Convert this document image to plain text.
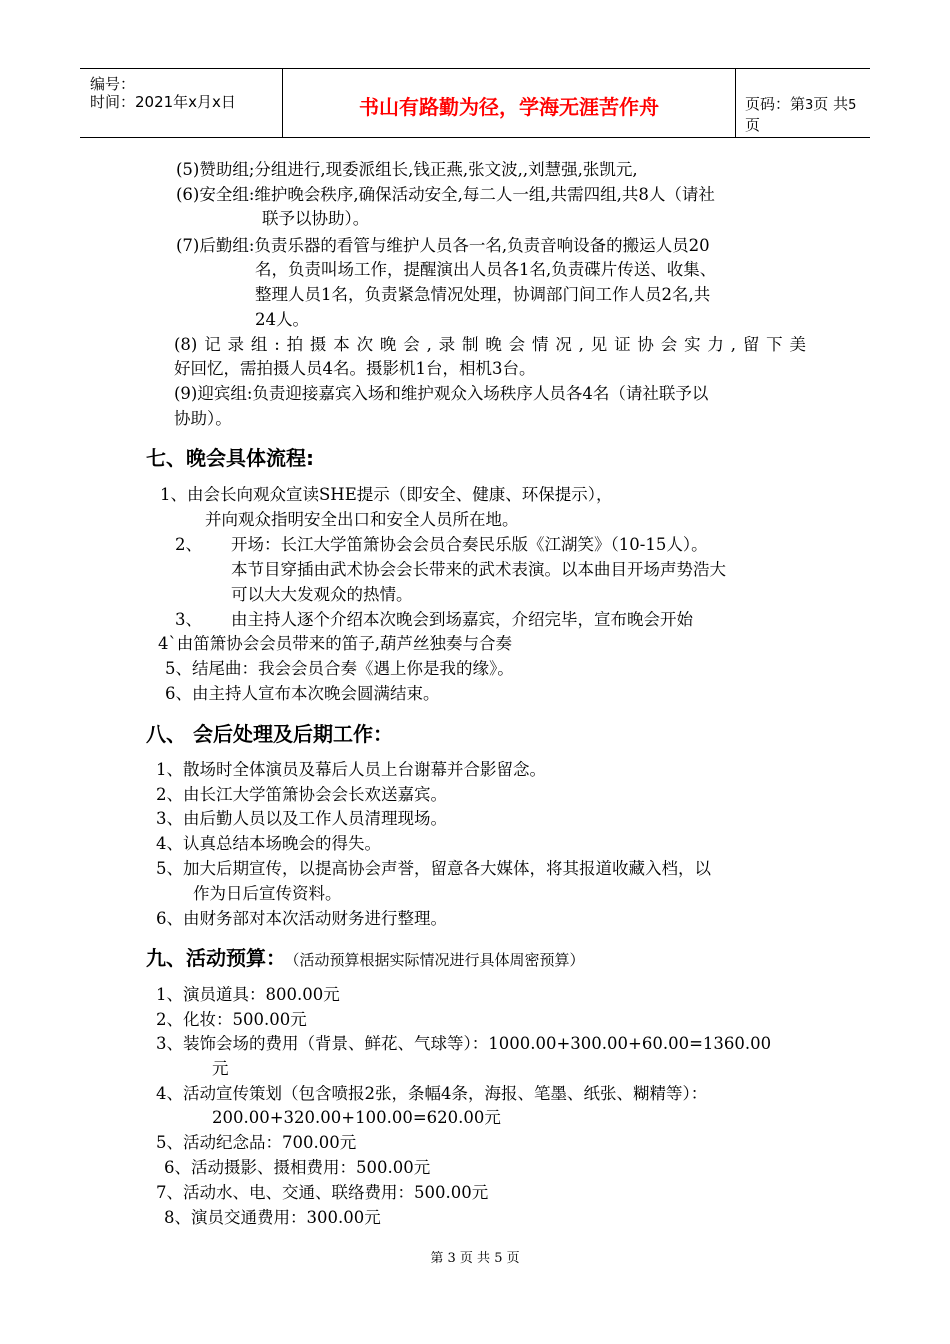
编号：
时间：2021年x月x日	书山有路勤为径，学海无涯苦作舟	页码：第3页 共5页
(5)赞助组;分组进行,现委派组长,钱正燕,张文波,,刘慧强,张凯元,
(6)安全组:维护晚会秩序,确保活动安全,每二人一组,共需四组,共8人（请社
联予以协助）。
(7)后勤组:负责乐器的看管与维护人员各一名,负责音响设备的搬运人员20
名，负责叫场工作，提醒演出人员各1名,负责碟片传送、收集、
整理人员1名，负责紧急情况处理，协调部门间工作人员2名,共
24人。
(8)记录组:拍摄本次晚会,录制晚会情况,见证协会实力,留下美
好回忆，需拍摄人员4名。摄影机1台，相机3台。
(9)迎宾组:负责迎接嘉宾入场和维护观众入场秩序人员各4名（请社联予以
协助）。
七、晚会具体流程:
1、由会长向观众宣读SHE提示（即安全、健康、环保提示），
并向观众指明安全出口和安全人员所在地。
2、 开场：长江大学笛箫协会会员合奏民乐版《江湖笑》（10-15人）。
本节目穿插由武术协会会长带来的武术表演。以本曲目开场声势浩大
可以大大发观众的热情。
3、 由主持人逐个介绍本次晚会到场嘉宾，介绍完毕，宣布晚会开始
4`由笛箫协会会员带来的笛子,葫芦丝独奏与合奏
5、结尾曲：我会会员合奏《遇上你是我的缘》。
6、由主持人宣布本次晚会圆满结束。
八、 会后处理及后期工作：
1、散场时全体演员及幕后人员上台谢幕并合影留念。
2、由长江大学笛箫协会会长欢送嘉宾。
3、由后勤人员以及工作人员清理现场。
4、认真总结本场晚会的得失。
5、加大后期宣传，以提高协会声誉，留意各大媒体，将其报道收藏入档，以
作为日后宣传资料。
6、由财务部对本次活动财务进行整理。
九、活动预算： （活动预算根据实际情况进行具体周密预算）
1、演员道具：800.00元
2、化妆：500.00元
3、装饰会场的费用（背景、鲜花、气球等）：1000.00+300.00+60.00=1360.00
元
4、活动宣传策划（包含喷报2张，条幅4条，海报、笔墨、纸张、糊精等）：
200.00+320.00+100.00=620.00元
5、活动纪念品：700.00元
6、活动摄影、摄相费用：500.00元
7、活动水、电、交通、联络费用：500.00元
8、演员交通费用：300.00元
第 3 页 共 5 页
